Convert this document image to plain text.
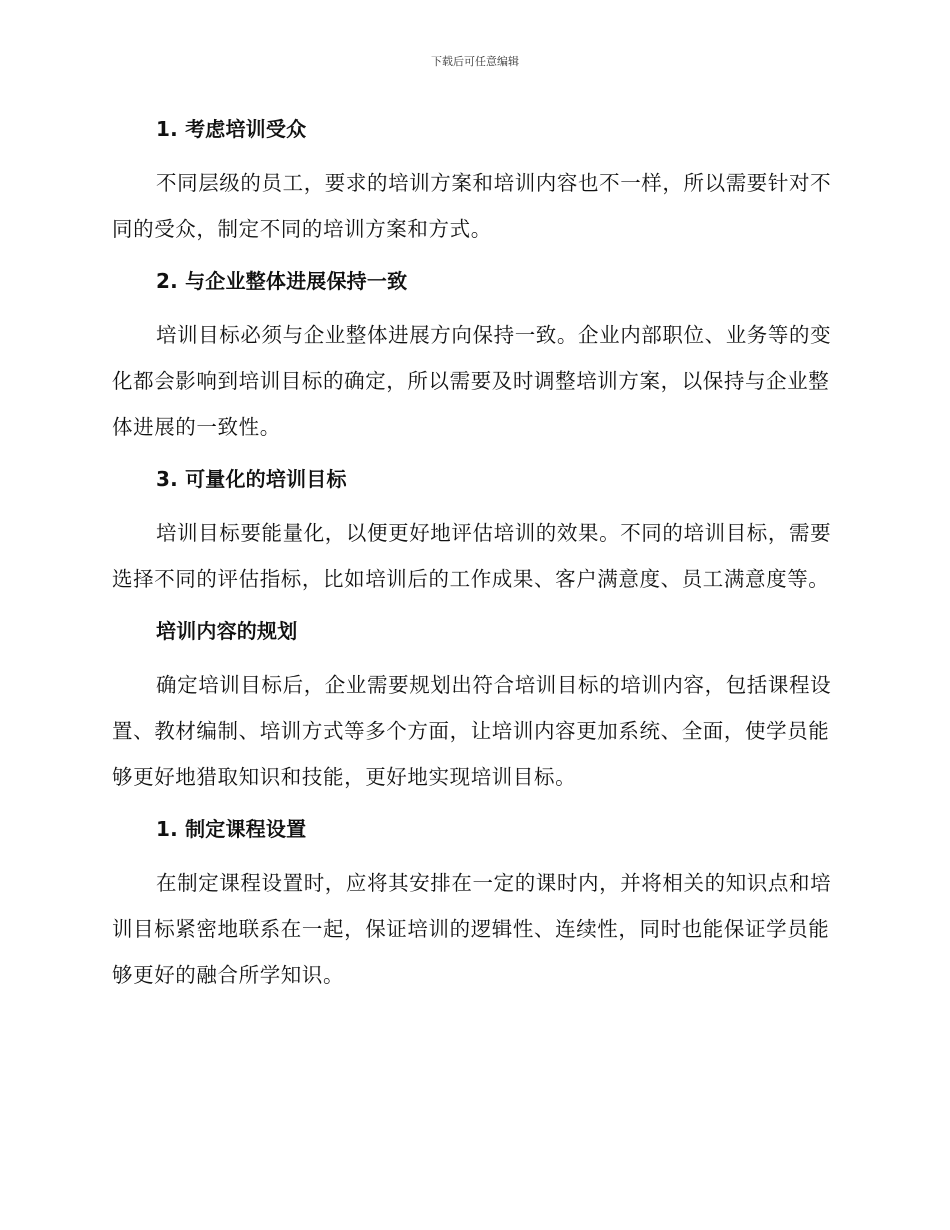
下载后可任意编辑
1. 考虑培训受众

不同层级的员工，要求的培训方案和培训内容也不一样，所以需要针对不同的受众，制定不同的培训方案和方式。

2. 与企业整体进展保持一致

培训目标必须与企业整体进展方向保持一致。企业内部职位、业务等的变化都会影响到培训目标的确定，所以需要及时调整培训方案，以保持与企业整体进展的一致性。

3. 可量化的培训目标

培训目标要能量化，以便更好地评估培训的效果。不同的培训目标，需要选择不同的评估指标，比如培训后的工作成果、客户满意度、员工满意度等。

培训内容的规划

确定培训目标后，企业需要规划出符合培训目标的培训内容，包括课程设置、教材编制、培训方式等多个方面，让培训内容更加系统、全面，使学员能够更好地猎取知识和技能，更好地实现培训目标。

1. 制定课程设置

在制定课程设置时，应将其安排在一定的课时内，并将相关的知识点和培训目标紧密地联系在一起，保证培训的逻辑性、连续性，同时也能保证学员能够更好的融合所学知识。
